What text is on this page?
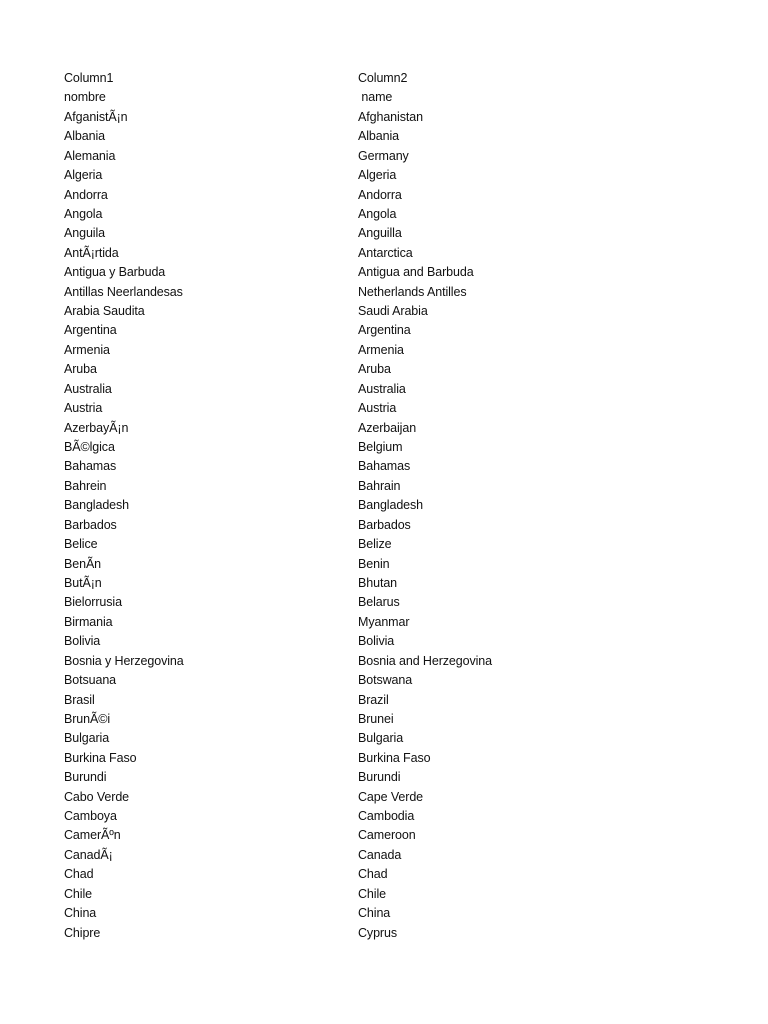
Column1
nombre
AfganistÃ¡n
Albania
Alemania
Algeria
Andorra
Angola
Anguila
AntÃ¡rtida
Antigua y Barbuda
Antillas Neerlandesas
Arabia Saudita
Argentina
Armenia
Aruba
Australia
Austria
AzerbayÃ¡n
BÃ©lgica
Bahamas
Bahrein
Bangladesh
Barbados
Belice
BenÃn
ButÃ¡n
Bielorrusia
Birmania
Bolivia
Bosnia y Herzegovina
Botsuana
Brasil
BrunÃ©i
Bulgaria
Burkina Faso
Burundi
Cabo Verde
Camboya
CamerÃºn
CanadÃ¡
Chad
Chile
China
Chipre
Column2
name
Afghanistan
Albania
Germany
Algeria
Andorra
Angola
Anguilla
Antarctica
Antigua and Barbuda
Netherlands Antilles
Saudi Arabia
Argentina
Armenia
Aruba
Australia
Austria
Azerbaijan
Belgium
Bahamas
Bahrain
Bangladesh
Barbados
Belize
Benin
Bhutan
Belarus
Myanmar
Bolivia
Bosnia and Herzegovina
Botswana
Brazil
Brunei
Bulgaria
Burkina Faso
Burundi
Cape Verde
Cambodia
Cameroon
Canada
Chad
Chile
China
Cyprus
